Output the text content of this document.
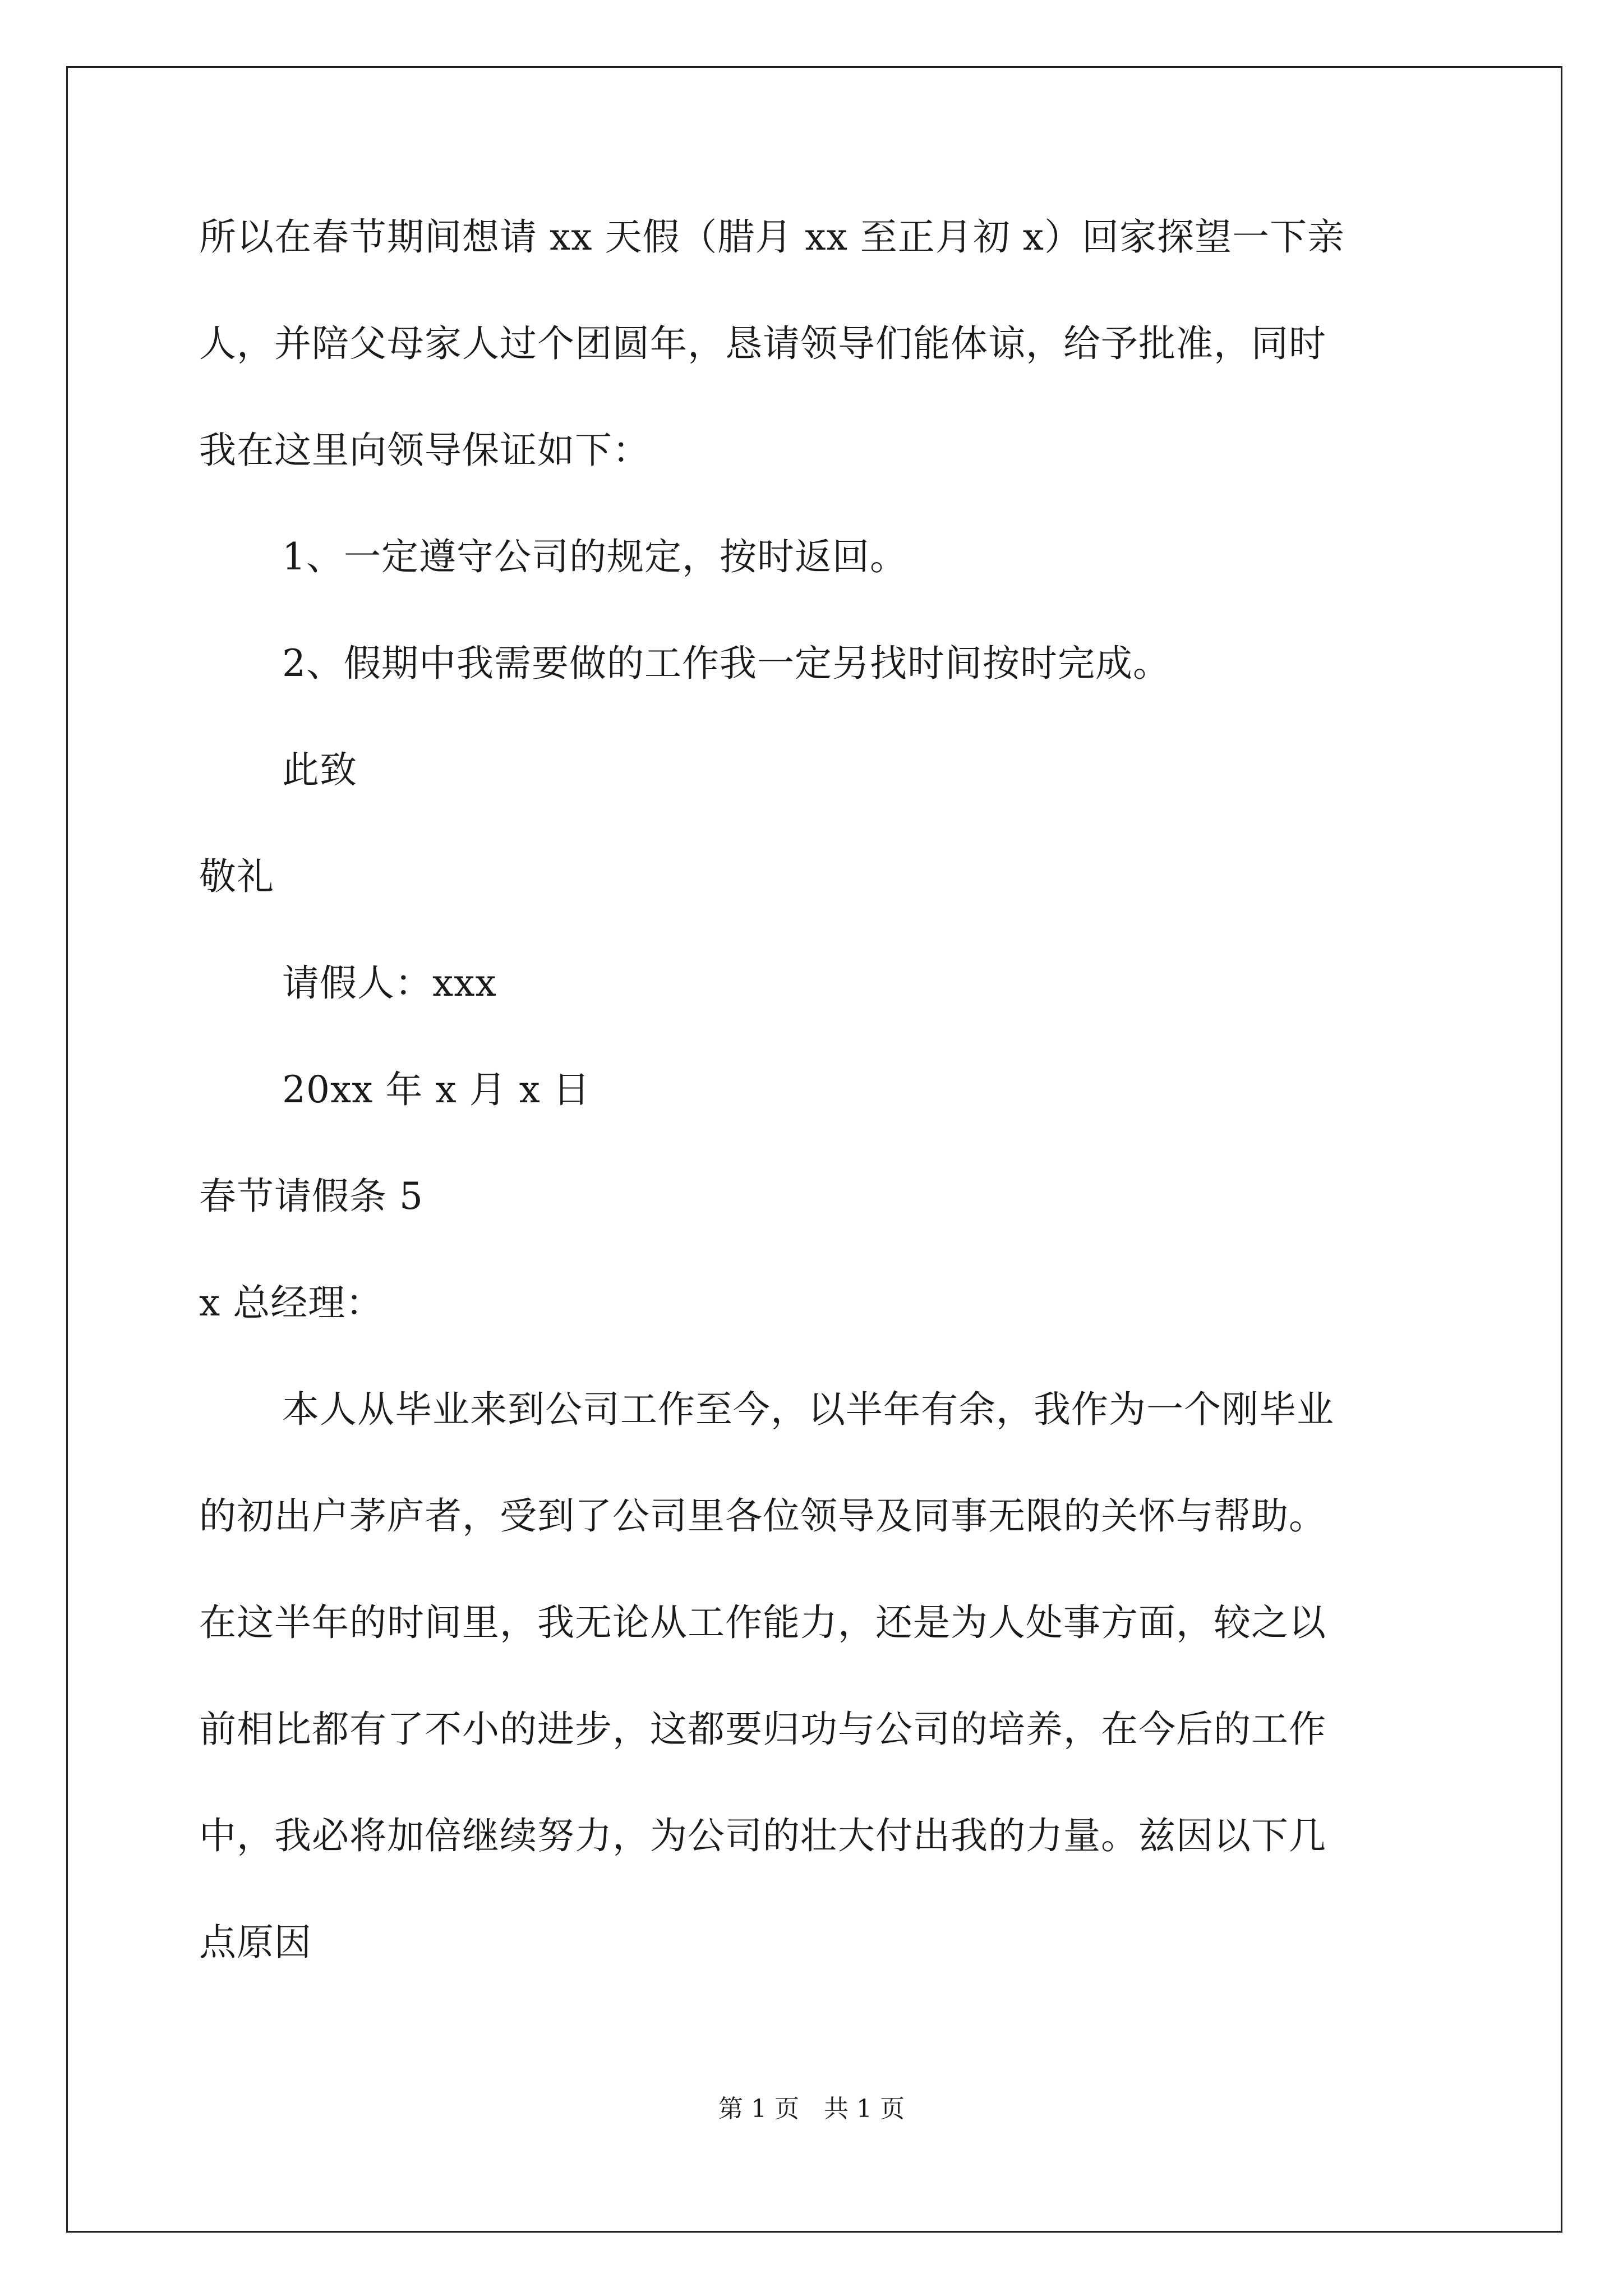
所以在春节期间想请 xx 天假（腊月 xx 至正月初 x）回家探望一下亲

人，并陪父母家人过个团圆年，恳请领导们能体谅，给予批准，同时

我在这里向领导保证如下：

1、一定遵守公司的规定，按时返回。

2、假期中我需要做的工作我一定另找时间按时完成。

此致

敬礼

请假人：xxx

20xx 年 x 月 x 日

春节请假条 5

x 总经理：

本人从毕业来到公司工作至今，以半年有余，我作为一个刚毕业

的初出户茅庐者，受到了公司里各位领导及同事无限的关怀与帮助。

在这半年的时间里，我无论从工作能力，还是为人处事方面，较之以

前相比都有了不小的进步，这都要归功与公司的培养，在今后的工作

中，我必将加倍继续努力，为公司的壮大付出我的力量。兹因以下几

点原因

第 1 页　共 1 页
